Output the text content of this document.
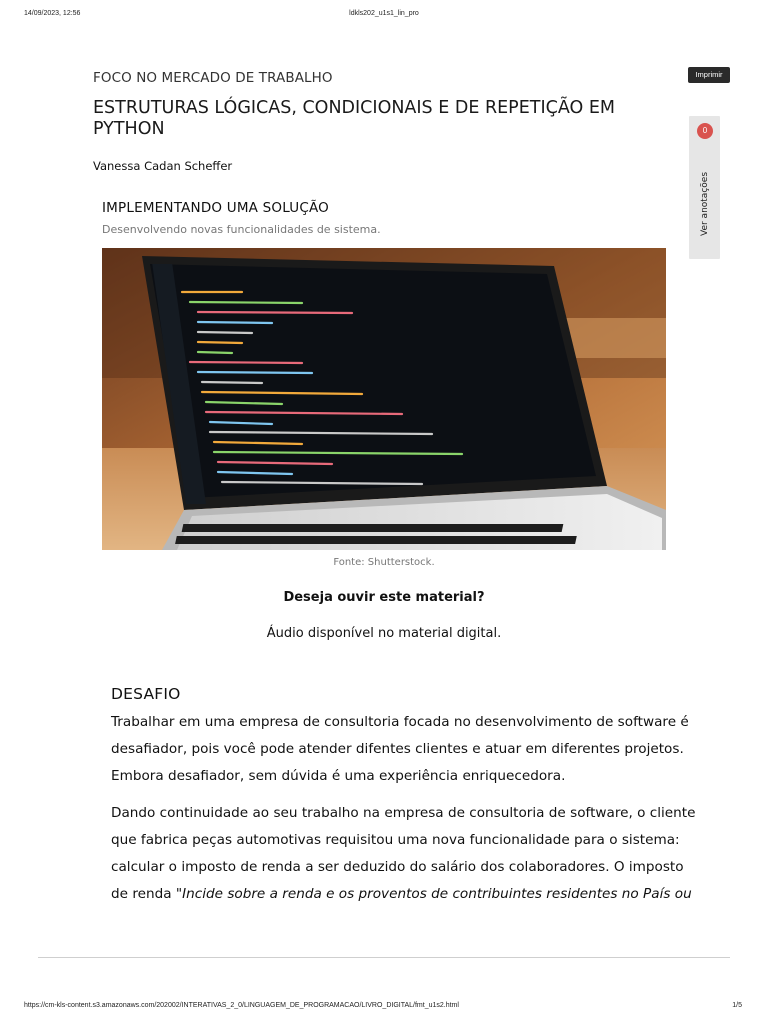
14/09/2023, 12:56	ldkls202_u1s1_lin_pro
FOCO NO MERCADO DE TRABALHO
ESTRUTURAS LÓGICAS, CONDICIONAIS E DE REPETIÇÃO EM PYTHON
Vanessa Cadan Scheffer
IMPLEMENTANDO UMA SOLUÇÃO
Desenvolvendo novas funcionalidades de sistema.
Fonte: Shutterstock.
Deseja ouvir este material?
Áudio disponível no material digital.
DESAFIO

Trabalhar em uma empresa de consultoria focada no desenvolvimento de software é desafiador, pois você pode atender difentes clientes e atuar em diferentes projetos. Embora desafiador, sem dúvida é uma experiência enriquecedora.

Dando continuidade ao seu trabalho na empresa de consultoria de software, o cliente que fabrica peças automotivas requisitou uma nova funcionalidade para o sistema: calcular o imposto de renda a ser deduzido do salário dos colaboradores. O imposto de renda "Incide sobre a renda e os proventos de contribuintes residentes no País ou

Imprimir
0
Ver anotações
https://cm-kls-content.s3.amazonaws.com/202002/INTERATIVAS_2_0/LINGUAGEM_DE_PROGRAMACAO/LIVRO_DIGITAL/fmt_u1s2.html	1/5
